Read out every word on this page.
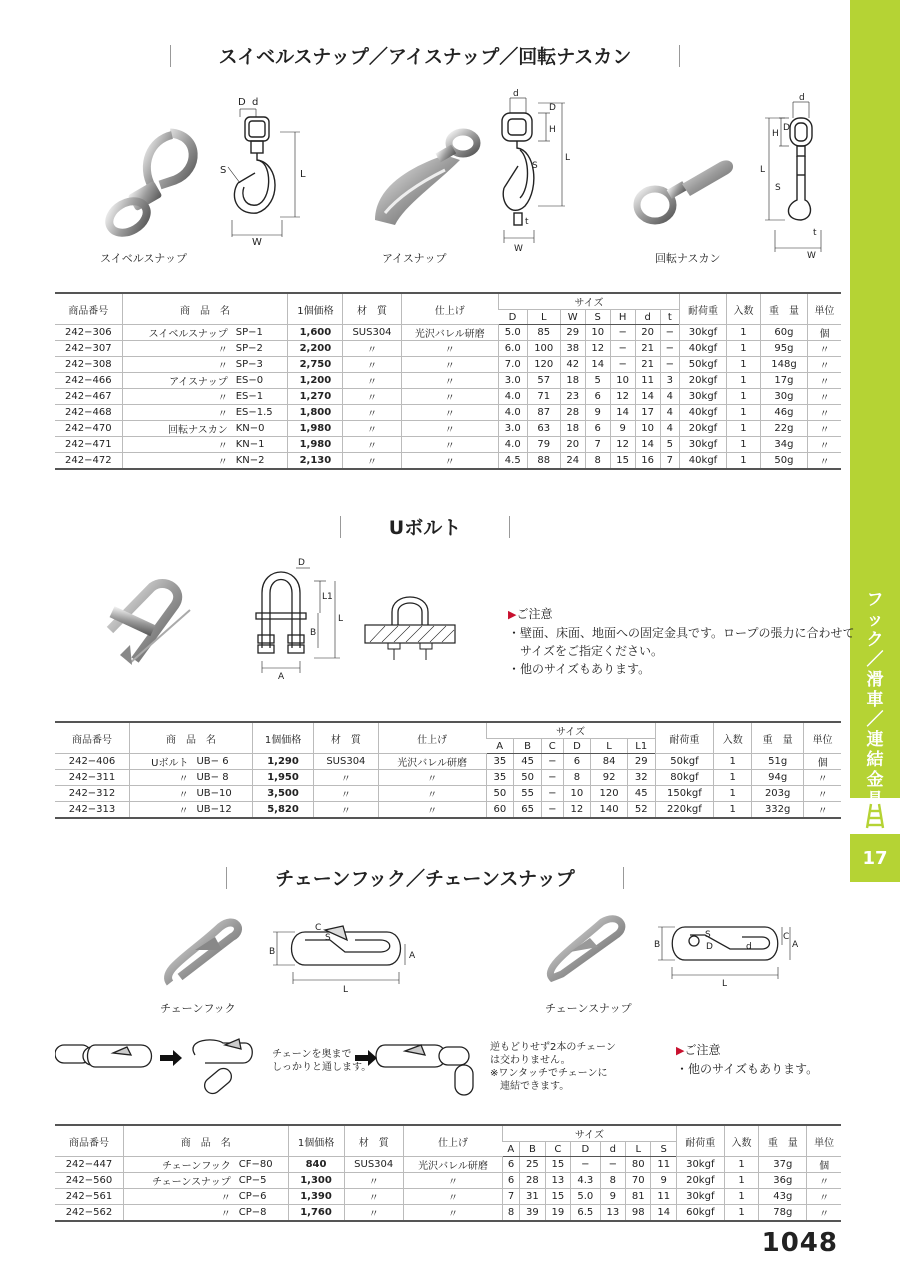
フ
ッ
ク
／
滑
車
／
連
結
金
17
スイベルスナップ／アイスナップ／回転ナスカン
D d
S	L
W
スイベルスナップ
d
D
H
S
L
t
W
アイスナップ
d
D
H
L
S
t
W
回転ナスカン
商品番号	商　品　名		1個価格	材　質	仕上げ	サイズ							耐荷重	入数	重　量	単位
						D	L	W	S	H	d	t				
242−306	スイベルスナップ	SP−1	1,600	SUS304	光沢バレル研磨	5.0	85	29	10	−	20	−	30kgf	1	60g	個
242−307	〃	SP−2	2,200	〃	〃	6.0	100	38	12	−	21	−	40kgf	1	95g	〃
242−308	〃	SP−3	2,750	〃	〃	7.0	120	42	14	−	21	−	50kgf	1	148g	〃
242−466	アイスナップ	ES−0	1,200	〃	〃	3.0	57	18	5	10	11	3	20kgf	1	17g	〃
242−467	〃	ES−1	1,270	〃	〃	4.0	71	23	6	12	14	4	30kgf	1	30g	〃
242−468	〃	ES−1.5	1,800	〃	〃	4.0	87	28	9	14	17	4	40kgf	1	46g	〃
242−470	回転ナスカン	KN−0	1,980	〃	〃	3.0	63	18	6	9	10	4	20kgf	1	22g	〃
242−471	〃	KN−1	1,980	〃	〃	4.0	79	20	7	12	14	5	30kgf	1	34g	〃
242−472	〃	KN−2	2,130	〃	〃	4.5	88	24	8	15	16	7	40kgf	1	50g	〃
Uボルト
D
L1
L
B
A
▶ご注意
・壁面、床面、地面への固定金具です。ロープの張力に合わせて
　サイズをご指定ください。
・他のサイズもあります。
商品番号	商　品　名		1個価格	材　質	仕上げ	サイズ						耐荷重	入数	重　量	単位
						A	B	C	D	L	L1				
242−406	Uボルト	UB− 6	1,290	SUS304	光沢バレル研磨	35	45	−	6	84	29	50kgf	1	51g	個
242−311	〃	UB− 8	1,950	〃	〃	35	50	−	8	92	32	80kgf	1	94g	〃
242−312	〃	UB−10	3,500	〃	〃	50	55	−	10	120	45	150kgf	1	203g	〃
242−313	〃	UB−12	5,820	〃	〃	60	65	−	12	140	52	220kgf	1	332g	〃
チェーンフック／チェーンスナップ
B
C
S
A
L
チェーンフック
B
S
D	d
C
A
L
チェーンスナップ
チェーンを奥まで
しっかりと通します。
逆もどりせず2本のチェーン
は交わりません。
※ワンタッチでチェーンに
　連結できます。
▶ご注意
・他のサイズもあります。
商品番号	商　品　名		1個価格	材　質	仕上げ	サイズ							耐荷重	入数	重　量	単位
						A	B	C	D	d	L	S				
242−447	チェーンフック	CF−80	840	SUS304	光沢バレル研磨	6	25	15	−	−	80	11	30kgf	1	37g	個
242−560	チェーンスナップ	CP−5	1,300	〃	〃	6	28	13	4.3	8	70	9	20kgf	1	36g	〃
242−561	〃	CP−6	1,390	〃	〃	7	31	15	5.0	9	81	11	30kgf	1	43g	〃
242−562	〃	CP−8	1,760	〃	〃	8	39	19	6.5	13	98	14	60kgf	1	78g	〃
1048
